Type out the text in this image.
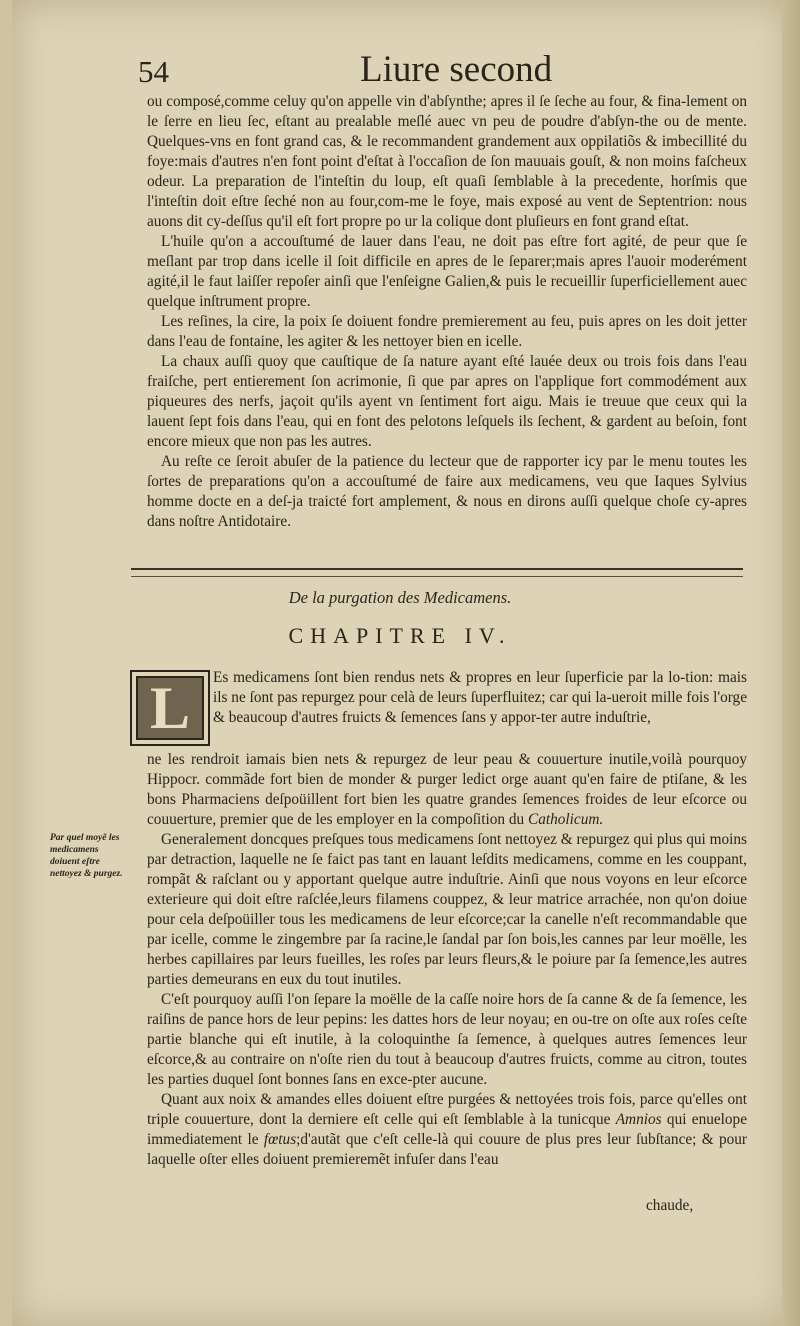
54	Liure second

ou composé,comme celuy qu'on appelle vin d'abſynthe; apres il ſe ſeche au four, & fina-lement on le ſerre en lieu ſec, eſtant au prealable meſlé auec vn peu de poudre d'abſyn-the ou de mente. Quelques-vns en font grand cas, & le recommandent grandement aux oppilatiõs & imbecillité du foye:mais d'autres n'en font point d'eſtat à l'occaſion de ſon mauuais gouſt, & non moins faſcheux odeur. La preparation de l'inteſtin du loup, eſt quaſi ſemblable à la precedente, horſmis que l'inteſtin doit eſtre ſeché non au four,com-me le foye, mais exposé au vent de Septentrion: nous auons dit cy-deſſus qu'il eſt fort propre po ur la colique dont pluſieurs en font grand eſtat.

L'huile qu'on a accouſtumé de lauer dans l'eau, ne doit pas eſtre fort agité, de peur que ſe meſlant par trop dans icelle il ſoit difficile en apres de le ſeparer;mais apres l'auoir moderément agité,il le faut laiſſer repoſer ainſi que l'enſeigne Galien,& puis le recueillir ſuperficiellement auec quelque inſtrument propre.

Les reſines, la cire, la poix ſe doiuent fondre premierement au feu, puis apres on les doit jetter dans l'eau de fontaine, les agiter & les nettoyer bien en icelle.

La chaux auſſi quoy que cauſtique de ſa nature ayant eſté lauée deux ou trois fois dans l'eau fraiſche, pert entierement ſon acrimonie, ſi que par apres on l'applique fort commodément aux piqueures des nerfs, jaçoit qu'ils ayent vn ſentiment fort aigu. Mais ie treuue que ceux qui la lauent ſept fois dans l'eau, qui en font des pelotons leſquels ils ſechent, & gardent au beſoin, font encore mieux que non pas les autres.

Au reſte ce ſeroit abuſer de la patience du lecteur que de rapporter icy par le menu toutes les ſortes de preparations qu'on a accouſtumé de faire aux medicamens, veu que Iaques Sylvius homme docte en a deſ-ja traicté fort amplement, & nous en dirons auſſi quelque choſe cy-apres dans noſtre Antidotaire.

De la purgation des Medicamens.
CHAPITRE IV.
L Es medicamens ſont bien rendus nets & propres en leur ſuperficie par la lo-tion: mais ils ne ſont pas repurgez pour celà de leurs ſuperfluitez; car qui la-ueroit mille fois l'orge & beaucoup d'autres fruicts & ſemences ſans y appor-ter autre induſtrie,

ne les rendroit iamais bien nets & repurgez de leur peau & couuerture inutile,voilà pourquoy Hippocr. commãde fort bien de monder & purger ledict orge auant qu'en faire de ptiſane, & les bons Pharmaciens deſpoüillent fort bien les quatre grandes ſemences froides de leur eſcorce ou couuerture, premier que de les employer en la compoſition du Catholicum.

Generalement doncques preſques tous medicamens ſont nettoyez & repurgez qui plus qui moins par detraction, laquelle ne ſe faict pas tant en lauant leſdits medicamens, comme en les couppant, rompãt & raſclant ou y apportant quelque autre induſtrie. Ainſi que nous voyons en leur eſcorce exterieure qui doit eſtre raſclée,leurs filamens couppez, & leur matrice arrachée, non qu'on doiue pour cela deſpoüiller tous les medicamens de leur eſcorce;car la canelle n'eſt recommandable que par icelle, comme le zingembre par ſa racine,le ſandal par ſon bois,les cannes par leur moëlle, les herbes capillaires par leurs fueilles, les roſes par leurs fleurs,& le poiure par ſa ſemence,les autres parties demeurans en eux du tout inutiles.

C'eſt pourquoy auſſi l'on ſepare la moëlle de la caſſe noire hors de ſa canne & de ſa ſemence, les raiſins de pance hors de leur pepins: les dattes hors de leur noyau; en ou-tre on oſte aux roſes ceſte partie blanche qui eſt inutile, à la coloquinthe ſa ſemence, à quelques autres ſemences leur eſcorce,& au contraire on n'oſte rien du tout à beaucoup d'autres fruicts, comme au citron, toutes les parties duquel ſont bonnes ſans en exce-pter aucune.

Quant aux noix & amandes elles doiuent eſtre purgées & nettoyées trois fois, parce qu'elles ont triple couuerture, dont la derniere eſt celle qui eſt ſemblable à la tunicque Amnios qui enuelope immediatement le fœtus;d'autãt que c'eſt celle-là qui couure de plus pres leur ſubſtance; & pour laquelle oſter elles doiuent premieremẽt infuſer dans l'eau

Par quel moyẽ les medicamens doiuent eſtre nettoyez & purgez.
chaude,
